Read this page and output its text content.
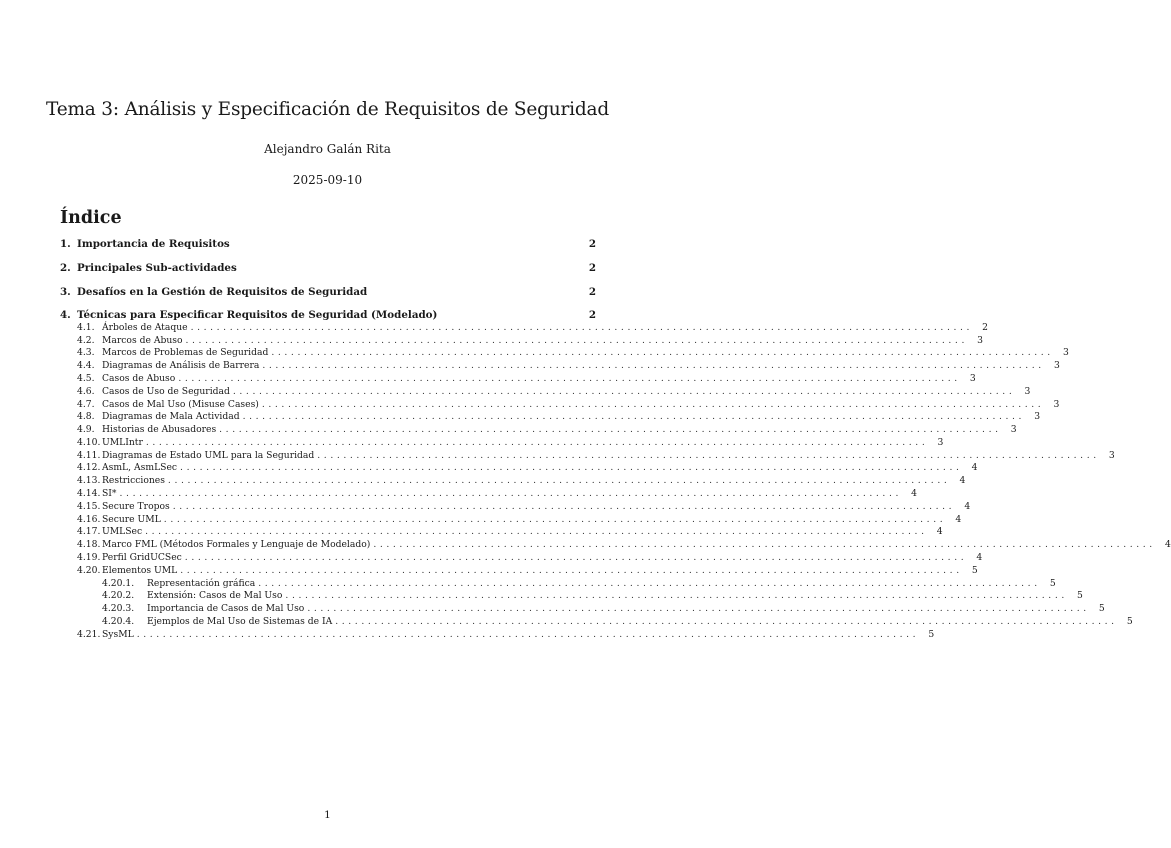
Tema 3: Análisis y Especificación de Requisitos de Seguridad
Alejandro Galán Rita
2025-09-10
Índice
1. Importancia de Requisitos	2
2. Principales Sub-actividades	2
3. Desafíos en la Gestión de Requisitos de Seguridad	2
4. Técnicas para Especificar Requisitos de Seguridad (Modelado)	2
4.1. Árboles de Ataque ........................................................................................................................ 2
4.2. Marcos de Abuso ........................................................................................................................ 3
4.3. Marcos de Problemas de Seguridad ........................................................................................................................ 3
4.4. Diagramas de Análisis de Barrera ........................................................................................................................ 3
4.5. Casos de Abuso ........................................................................................................................ 3
4.6. Casos de Uso de Seguridad ........................................................................................................................ 3
4.7. Casos de Mal Uso (Misuse Cases) ........................................................................................................................ 3
4.8. Diagramas de Mala Actividad ........................................................................................................................ 3
4.9. Historias de Abusadores ........................................................................................................................ 3
4.10. UMLIntr ........................................................................................................................ 3
4.11. Diagramas de Estado UML para la Seguridad ........................................................................................................................ 3
4.12. AsmL, AsmLSec ........................................................................................................................ 4
4.13. Restricciones ........................................................................................................................ 4
4.14. SI* ........................................................................................................................ 4
4.15. Secure Tropos ........................................................................................................................ 4
4.16. Secure UML ........................................................................................................................ 4
4.17. UMLSec ........................................................................................................................ 4
4.18. Marco FML (Métodos Formales y Lenguaje de Modelado) ........................................................................................................................ 4
4.19. Perfil GridUCSec ........................................................................................................................ 4
4.20. Elementos UML ........................................................................................................................ 5
4.20.1.	Representación gráfica ........................................................................................................................ 5
4.20.2.	Extensión: Casos de Mal Uso ........................................................................................................................ 5
4.20.3.	Importancia de Casos de Mal Uso ........................................................................................................................ 5
4.20.4.	Ejemplos de Mal Uso de Sistemas de IA ........................................................................................................................ 5
4.21. SysML ........................................................................................................................ 5
1
